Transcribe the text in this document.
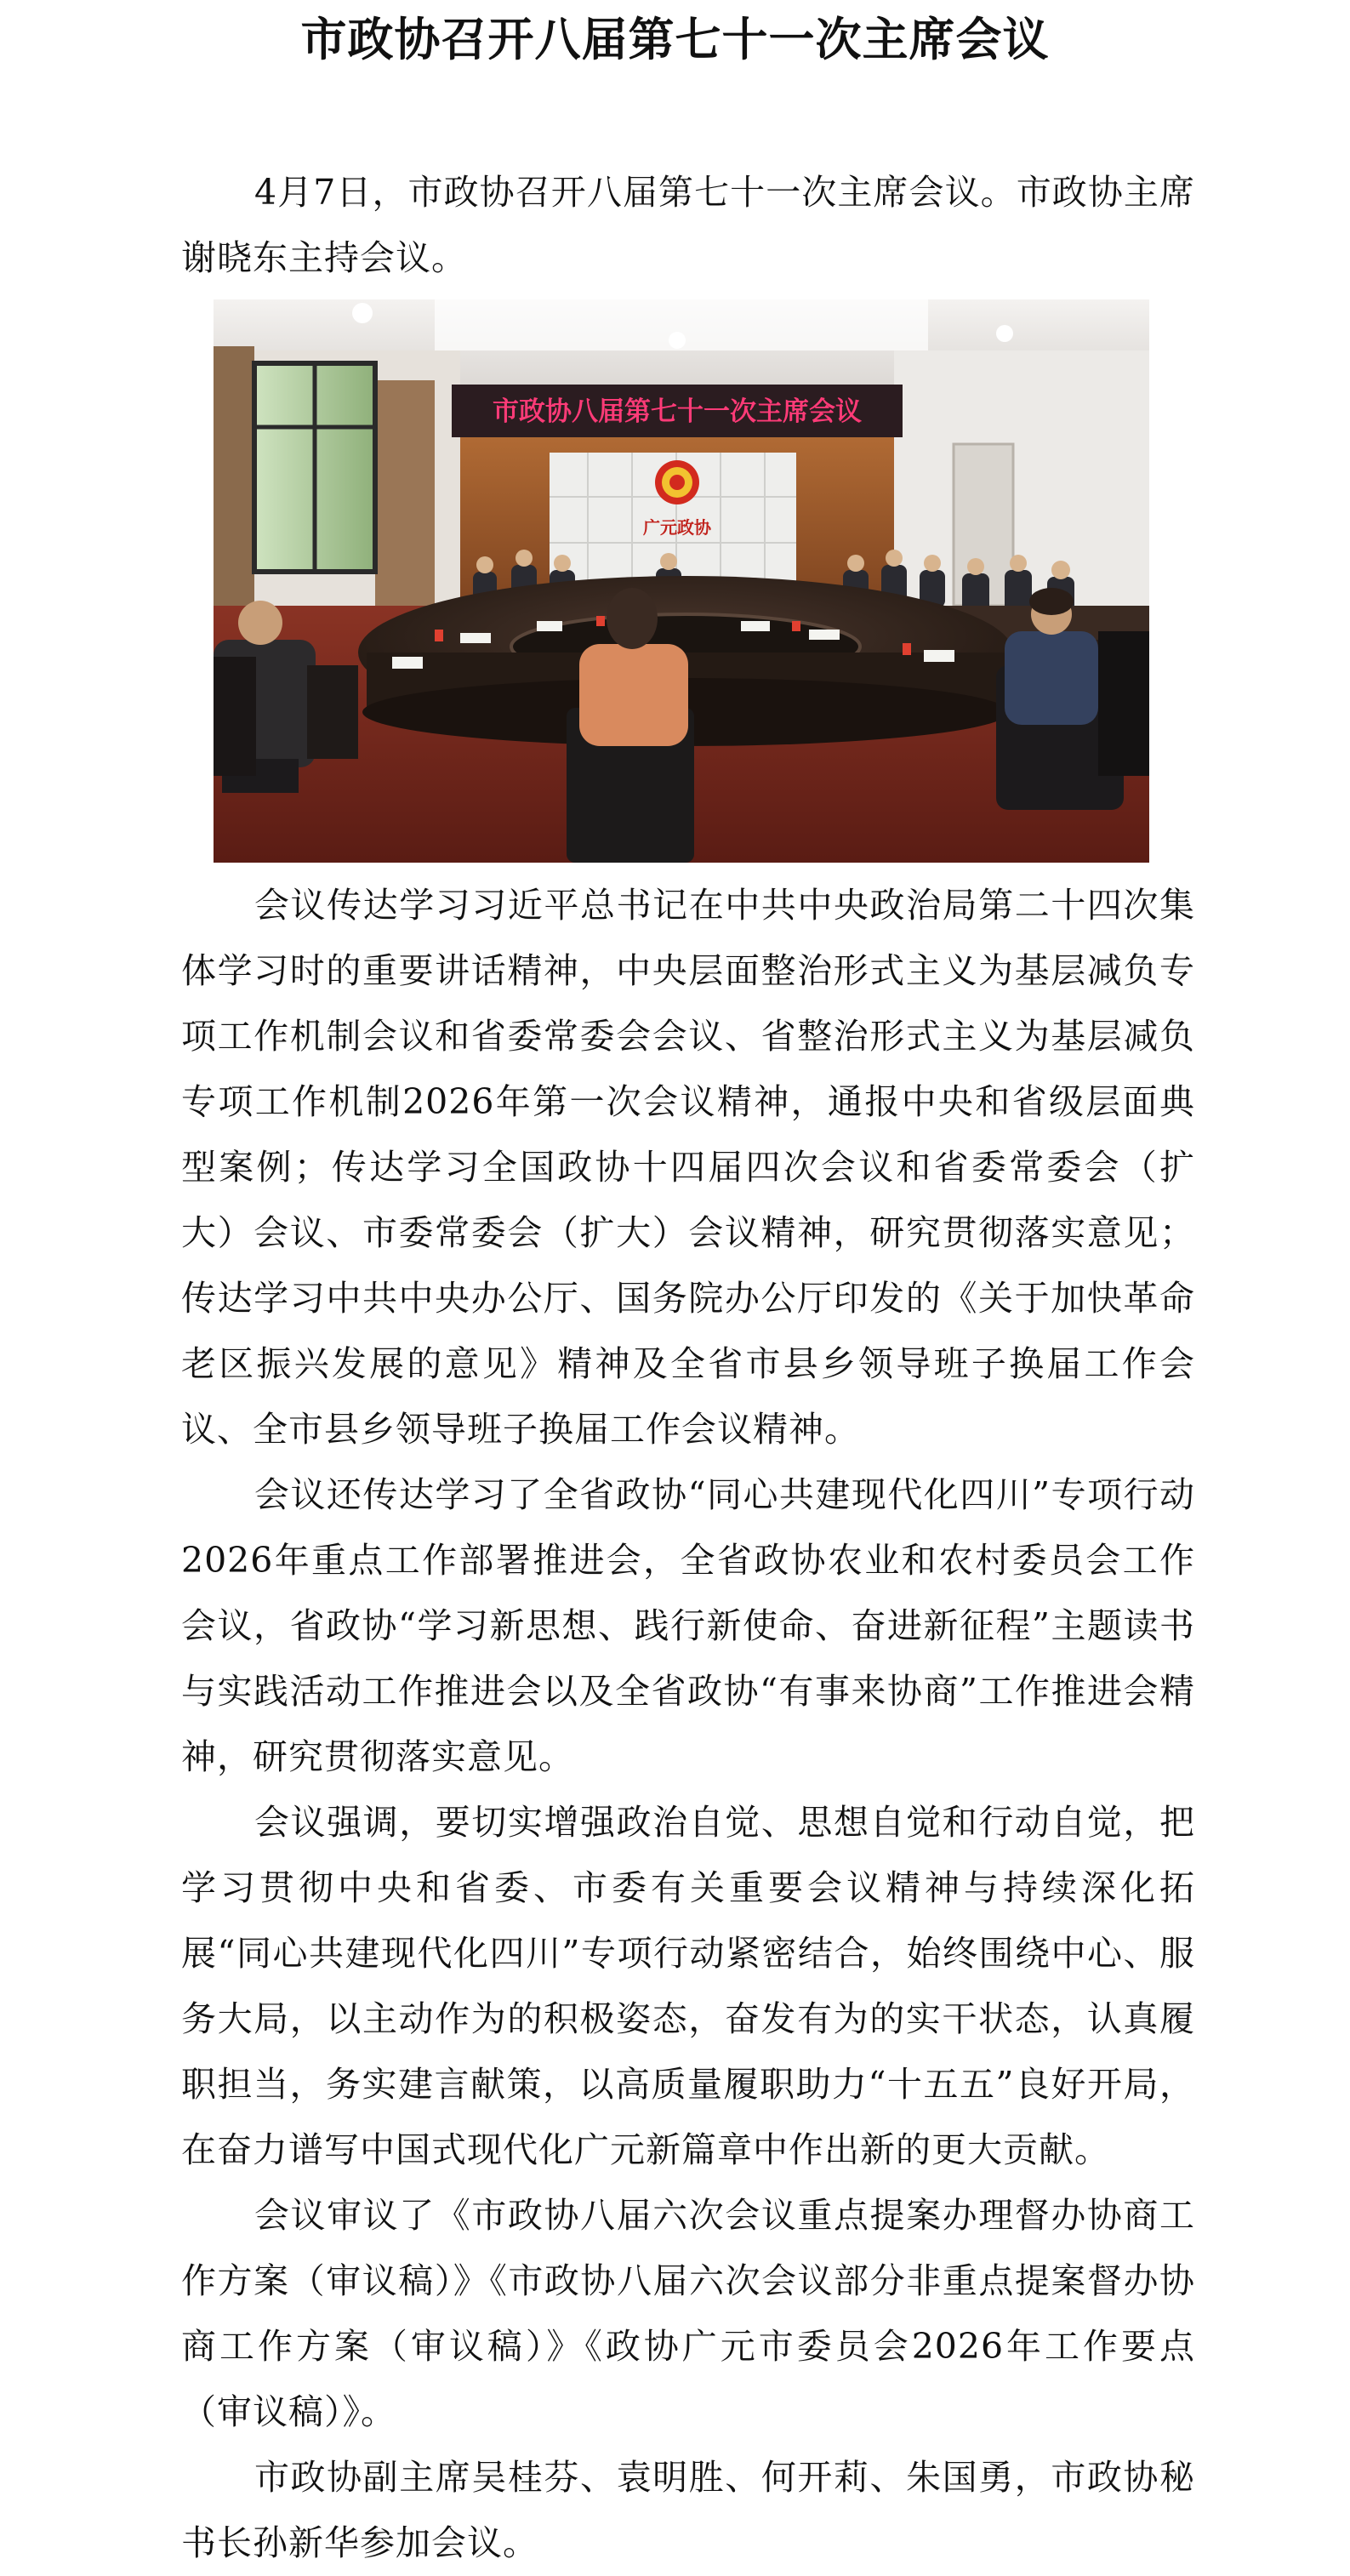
市政协召开八届第七十一次主席会议

4月7日，市政协召开八届第七十一次主席会议。市政协主席谢晓东主持会议。

市政协八届第七十一次主席会议
广元政协

会议传达学习习近平总书记在中共中央政治局第二十四次集体学习时的重要讲话精神，中央层面整治形式主义为基层减负专项工作机制会议和省委常委会会议、省整治形式主义为基层减负专项工作机制2026年第一次会议精神，通报中央和省级层面典型案例；传达学习全国政协十四届四次会议和省委常委会（扩大）会议、市委常委会（扩大）会议精神，研究贯彻落实意见；传达学习中共中央办公厅、国务院办公厅印发的《关于加快革命老区振兴发展的意见》精神及全省市县乡领导班子换届工作会议、全市县乡领导班子换届工作会议精神。

会议还传达学习了全省政协“同心共建现代化四川”专项行动2026年重点工作部署推进会，全省政协农业和农村委员会工作会议，省政协“学习新思想、践行新使命、奋进新征程”主题读书与实践活动工作推进会以及全省政协“有事来协商”工作推进会精神，研究贯彻落实意见。

会议强调，要切实增强政治自觉、思想自觉和行动自觉，把学习贯彻中央和省委、市委有关重要会议精神与持续深化拓展“同心共建现代化四川”专项行动紧密结合，始终围绕中心、服务大局，以主动作为的积极姿态，奋发有为的实干状态，认真履职担当，务实建言献策，以高质量履职助力“十五五”良好开局，在奋力谱写中国式现代化广元新篇章中作出新的更大贡献。

会议审议了《市政协八届六次会议重点提案办理督办协商工作方案（审议稿）》《市政协八届六次会议部分非重点提案督办协商工作方案（审议稿）》《政协广元市委员会2026年工作要点（审议稿）》。

市政协副主席吴桂芬、袁明胜、何开莉、朱国勇，市政协秘书长孙新华参加会议。
